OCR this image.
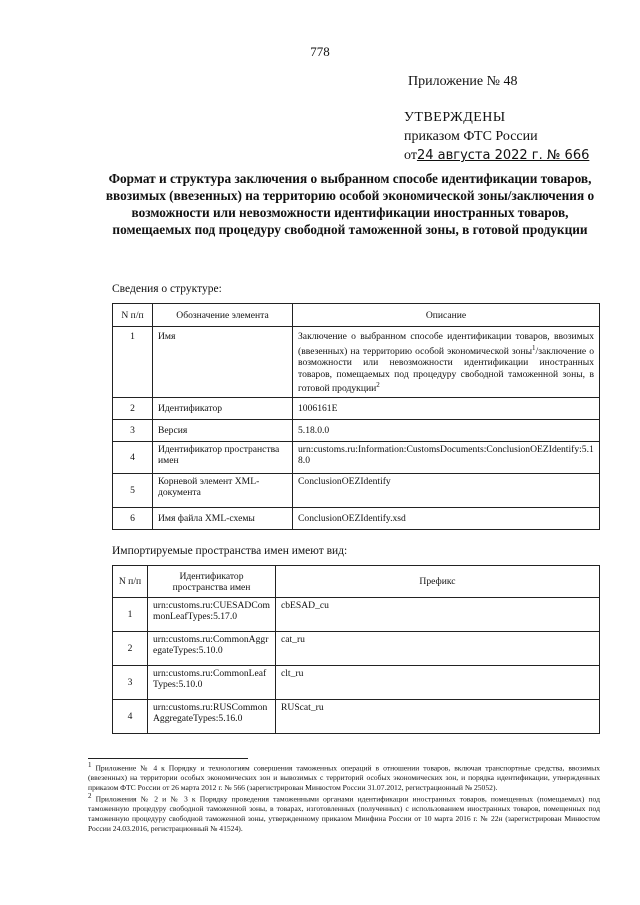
778
Приложение № 48
УТВЕРЖДЕНЫ
приказом ФТС России
от24 августа 2022 г. № 666
Формат и структура заключения о выбранном способе идентификации товаров, ввозимых (ввезенных) на территорию особой экономической зоны/заключения о возможности или невозможности идентификации иностранных товаров, помещаемых под процедуру свободной таможенной зоны, в готовой продукции
Сведения о структуре:
N п/п	Обозначение элемента	Описание
1	Имя	Заключение о выбранном способе идентификации товаров, ввозимых (ввезенных) на территорию особой экономической зоны$^1$/заключение о возможности или невозможности идентификации иностранных товаров, помещаемых под процедуру свободной таможенной зоны, в готовой продукции$^2$
2	Идентификатор	1006161E
3	Версия	5.18.0.0
4	Идентификатор пространства имен	urn:customs.ru:Information:CustomsDocuments:ConclusionOEZIdentify:5.18.0
5	Корневой элемент XML-документа	ConclusionOEZIdentify
6	Имя файла XML-схемы	ConclusionOEZIdentify.xsd
Импортируемые пространства имен имеют вид:
N п/п	Идентификатор пространства имен	Префикс
1	urn:customs.ru:CUESADCommonLeafTypes:5.17.0	cbESAD_cu
2	urn:customs.ru:CommonAggregateTypes:5.10.0	cat_ru
3	urn:customs.ru:CommonLeafTypes:5.10.0	clt_ru
4	urn:customs.ru:RUSCommonAggregateTypes:5.16.0	RUScat_ru

$^1$ Приложение № 4 к Порядку и технологиям совершения таможенных операций в отношении товаров, включая транспортные средства, ввозимых (ввезенных) на территории особых экономических зон и вывозимых с территорий особых экономических зон, и порядка идентификации, утвержденных приказом ФТС России от 26 марта 2012 г. № 566 (зарегистрирован Минюстом России 31.07.2012, регистрационный № 25052).

$^2$ Приложения № 2 и № 3 к Порядку проведения таможенными органами идентификации иностранных товаров, помещенных (помещаемых) под таможенную процедуру свободной таможенной зоны, в товарах, изготовленных (полученных) с использованием иностранных товаров, помещенных под таможенную процедуру свободной таможенной зоны, утвержденному приказом Минфина России от 10 марта 2016 г. № 22н (зарегистрирован Минюстом России 24.03.2016, регистрационный № 41524).
